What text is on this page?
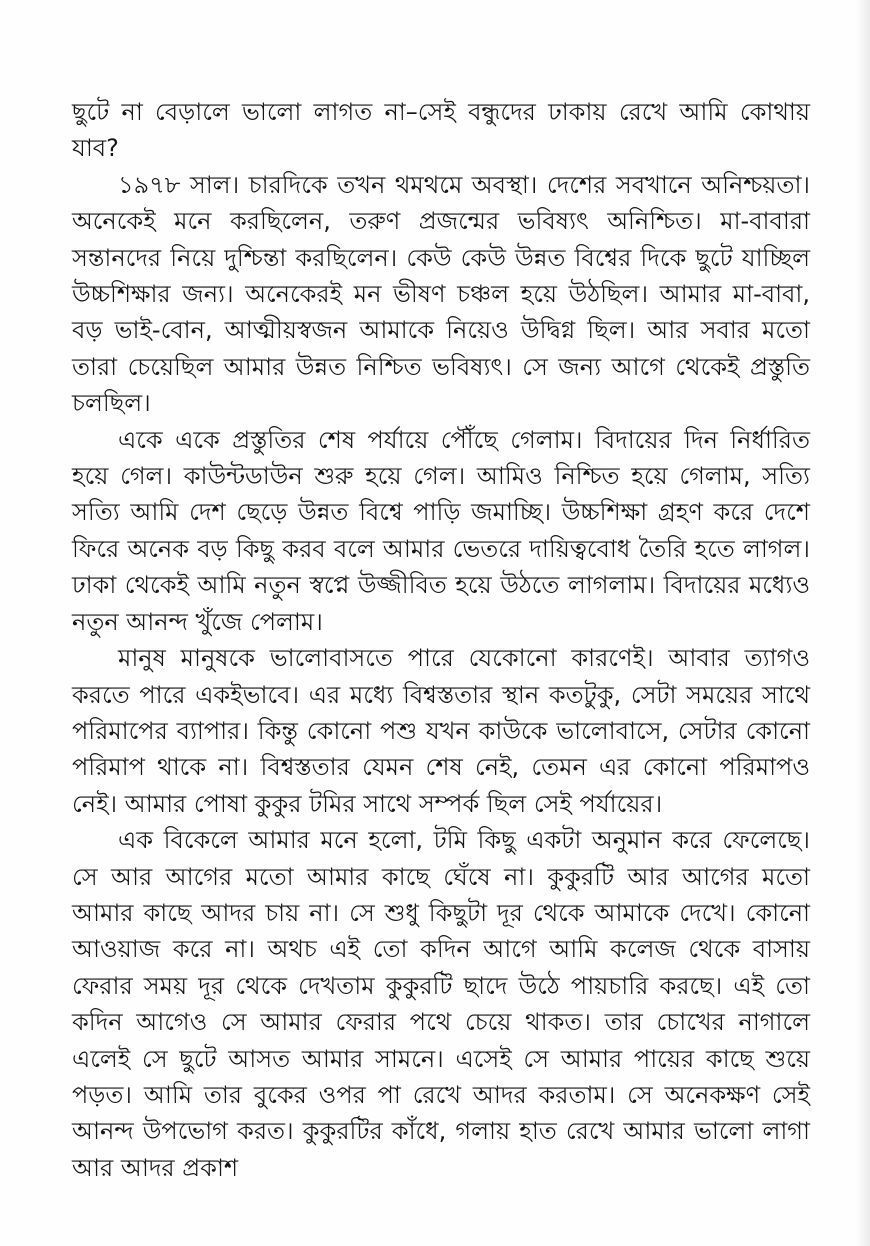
ছুটে না বেড়ালে ভালো লাগত না–সেই বন্ধুদের ঢাকায় রেখে আমি কোথায় যাব?

১৯৭৮ সাল। চারদিকে তখন থমথমে অবস্থা। দেশের সবখানে অনিশ্চয়তা। অনেকেই মনে করছিলেন, তরুণ প্রজন্মের ভবিষ্যৎ অনিশ্চিত। মা-বাবারা সন্তানদের নিয়ে দুশ্চিন্তা করছিলেন। কেউ কেউ উন্নত বিশ্বের দিকে ছুটে যাচ্ছিল উচ্চশিক্ষার জন্য। অনেকেরই মন ভীষণ চঞ্চল হয়ে উঠছিল। আমার মা-বাবা, বড় ভাই-বোন, আত্মীয়স্বজন আমাকে নিয়েও উদ্বিগ্ন ছিল। আর সবার মতো তারা চেয়েছিল আমার উন্নত নিশ্চিত ভবিষ্যৎ। সে জন্য আগে থেকেই প্রস্তুতি চলছিল।

একে একে প্রস্তুতির শেষ পর্যায়ে পৌঁছে গেলাম। বিদায়ের দিন নির্ধারিত হয়ে গেল। কাউন্টডাউন শুরু হয়ে গেল। আমিও নিশ্চিত হয়ে গেলাম, সত্যি সত্যি আমি দেশ ছেড়ে উন্নত বিশ্বে পাড়ি জমাচ্ছি। উচ্চশিক্ষা গ্রহণ করে দেশে ফিরে অনেক বড় কিছু করব বলে আমার ভেতরে দায়িত্ববোধ তৈরি হতে লাগল। ঢাকা থেকেই আমি নতুন স্বপ্নে উজ্জীবিত হয়ে উঠতে লাগলাম। বিদায়ের মধ্যেও নতুন আনন্দ খুঁজে পেলাম।

মানুষ মানুষকে ভালোবাসতে পারে যেকোনো কারণেই। আবার ত্যাগও করতে পারে একইভাবে। এর মধ্যে বিশ্বস্ততার স্থান কতটুকু, সেটা সময়ের সাথে পরিমাপের ব্যাপার। কিন্তু কোনো পশু যখন কাউকে ভালোবাসে, সেটার কোনো পরিমাপ থাকে না। বিশ্বস্ততার যেমন শেষ নেই, তেমন এর কোনো পরিমাপও নেই। আমার পোষা কুকুর টমির সাথে সম্পর্ক ছিল সেই পর্যায়ের।

এক বিকেলে আমার মনে হলো, টমি কিছু একটা অনুমান করে ফেলেছে। সে আর আগের মতো আমার কাছে ঘেঁষে না। কুকুরটি আর আগের মতো আমার কাছে আদর চায় না। সে শুধু কিছুটা দূর থেকে আমাকে দেখে। কোনো আওয়াজ করে না। অথচ এই তো কদিন আগে আমি কলেজ থেকে বাসায় ফেরার সময় দূর থেকে দেখতাম কুকুরটি ছাদে উঠে পায়চারি করছে। এই তো কদিন আগেও সে আমার ফেরার পথে চেয়ে থাকত। তার চোখের নাগালে এলেই সে ছুটে আসত আমার সামনে। এসেই সে আমার পায়ের কাছে শুয়ে পড়ত। আমি তার বুকের ওপর পা রেখে আদর করতাম। সে অনেকক্ষণ সেই আনন্দ উপভোগ করত। কুকুরটির কাঁধে, গলায় হাত রেখে আমার ভালো লাগা আর আদর প্রকাশ
